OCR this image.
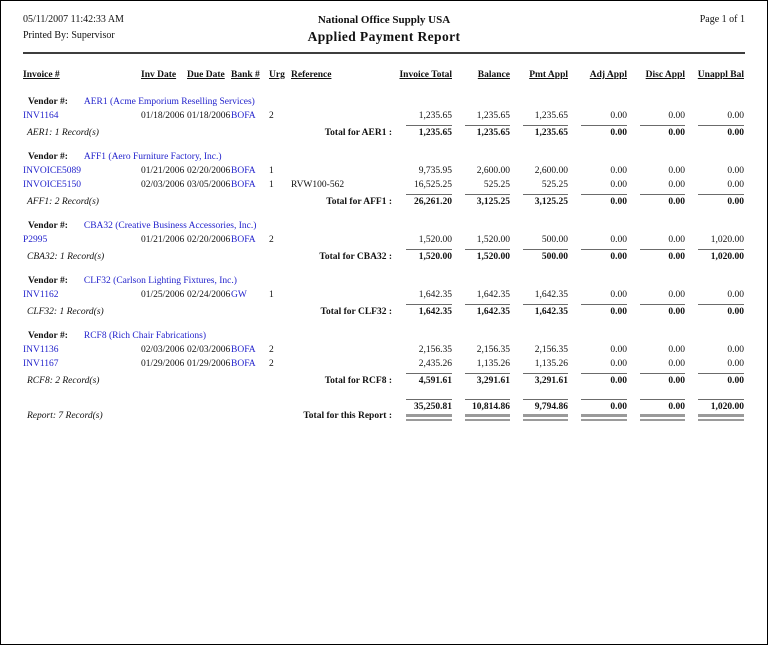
05/11/2007 11:42:33 AM
Printed By: Supervisor
National Office Supply USA
Applied Payment Report
Page 1 of 1
Invoice #	Inv Date	Due Date	Bank #	Urg	Reference	Invoice Total	Balance	Pmt Appl	Adj Appl	Disc Appl	Unappl Bal

Vendor #: AER1 (Acme Emporium Reselling Services)											
INV1164	01/18/2006	01/18/2006	BOFA	2		1,235.65	1,235.65	1,235.65	0.00	0.00	0.00
AER1: 1 Record(s)				Total for AER1 :		1,235.65	1,235.65	1,235.65	0.00	0.00	0.00

Vendor #: AFF1 (Aero Furniture Factory, Inc.)											
INVOICE5089	01/21/2006	02/20/2006	BOFA	1		9,735.95	2,600.00	2,600.00	0.00	0.00	0.00
INVOICE5150	02/03/2006	03/05/2006	BOFA	1	RVW100-562	16,525.25	525.25	525.25	0.00	0.00	0.00
AFF1: 2 Record(s)				Total for AFF1 :		26,261.20	3,125.25	3,125.25	0.00	0.00	0.00

Vendor #: CBA32 (Creative Business Accessories, Inc.)											
P2995	01/21/2006	02/20/2006	BOFA	2		1,520.00	1,520.00	500.00	0.00	0.00	1,020.00
CBA32: 1 Record(s)				Total for CBA32 :		1,520.00	1,520.00	500.00	0.00	0.00	1,020.00

Vendor #: CLF32 (Carlson Lighting Fixtures, Inc.)											
INV1162	01/25/2006	02/24/2006	GW	1		1,642.35	1,642.35	1,642.35	0.00	0.00	0.00
CLF32: 1 Record(s)				Total for CLF32 :		1,642.35	1,642.35	1,642.35	0.00	0.00	0.00

Vendor #: RCF8 (Rich Chair Fabrications)											
INV1136	02/03/2006	02/03/2006	BOFA	2		2,156.35	2,156.35	2,156.35	0.00	0.00	0.00
INV1167	01/29/2006	01/29/2006	BOFA	2		2,435.26	1,135.26	1,135.26	0.00	0.00	0.00
RCF8: 2 Record(s)				Total for RCF8 :		4,591.61	3,291.61	3,291.61	0.00	0.00	0.00

Report: 7 Record(s)				Total for this Report :		35,250.81	10,814.86	9,794.86	0.00	0.00	1,020.00
